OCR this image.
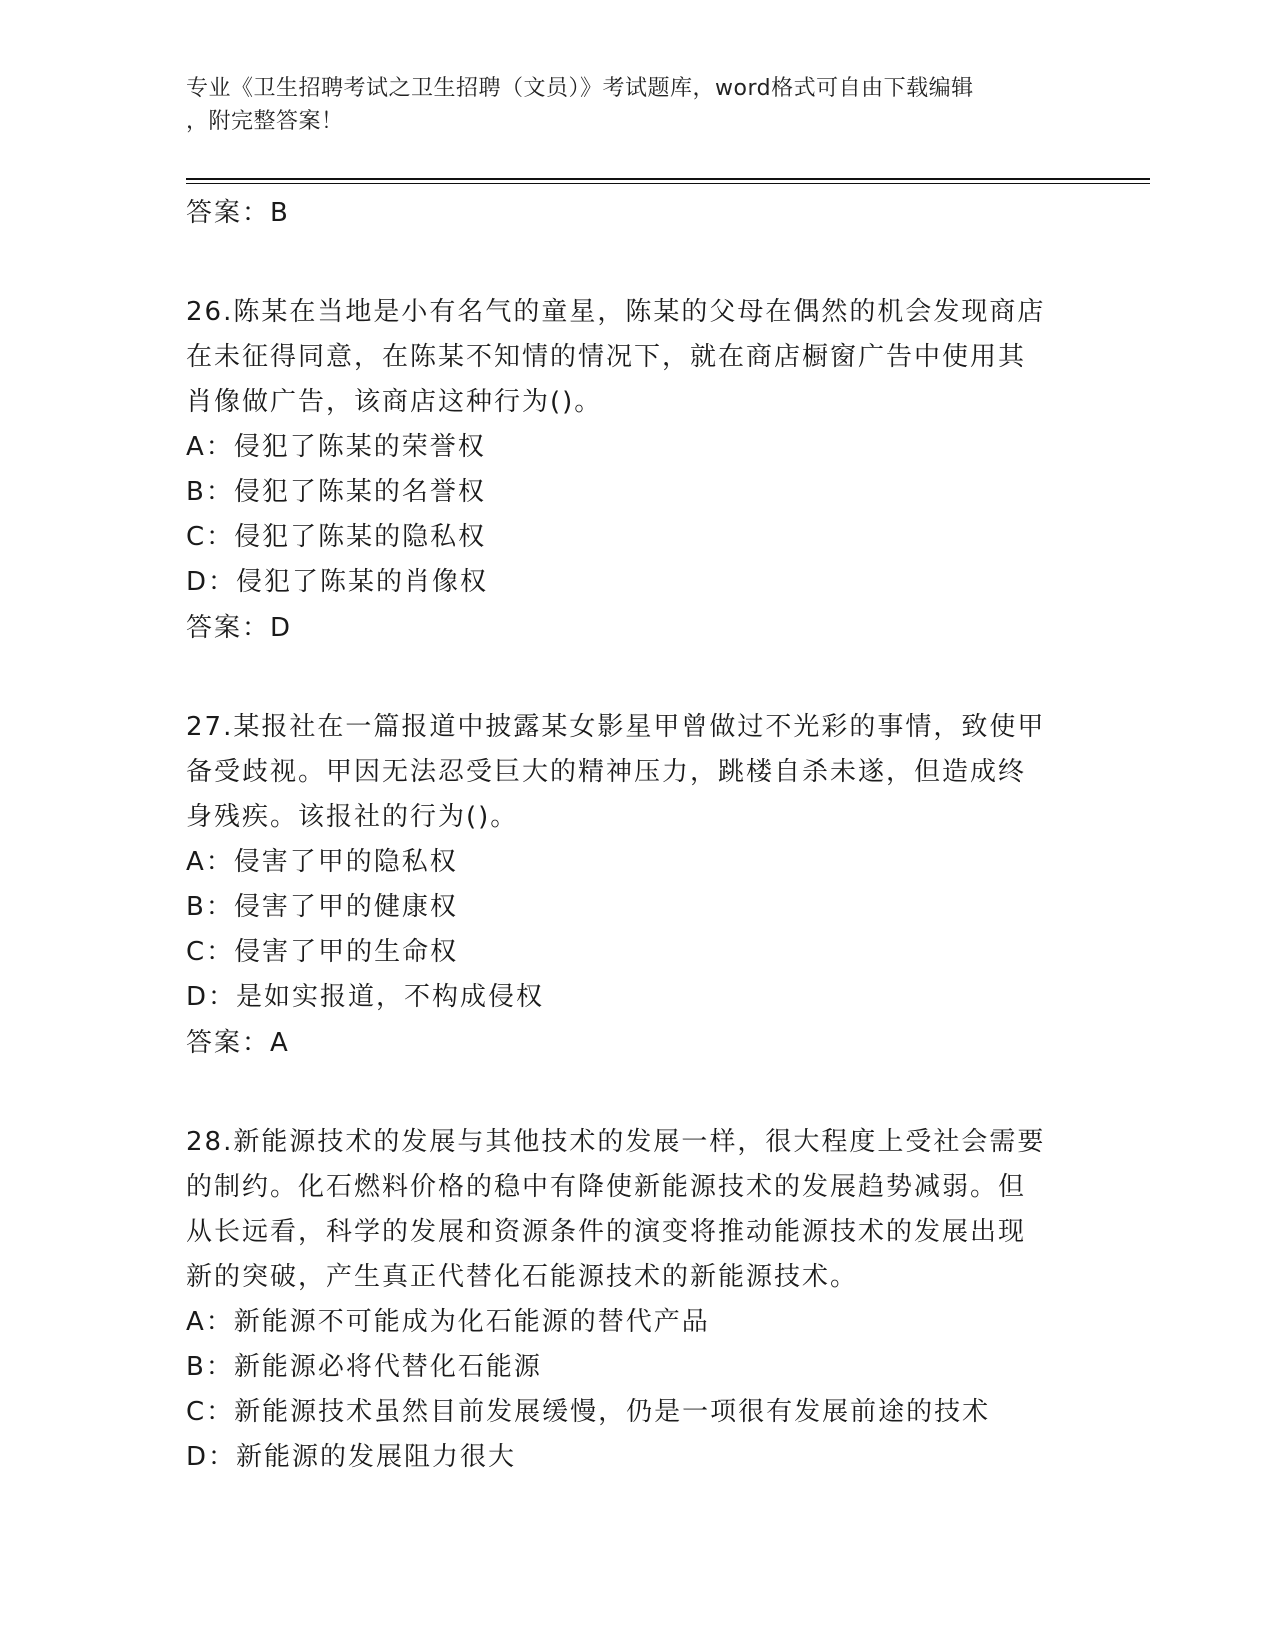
专业《卫生招聘考试之卫生招聘（文员）》考试题库，word格式可自由下载编辑
，附完整答案！
答案：B
26.陈某在当地是小有名气的童星，陈某的父母在偶然的机会发现商店
在未征得同意，在陈某不知情的情况下，就在商店橱窗广告中使用其
肖像做广告，该商店这种行为()。
A：侵犯了陈某的荣誉权
B：侵犯了陈某的名誉权
C：侵犯了陈某的隐私权
D：侵犯了陈某的肖像权
答案：D
27.某报社在一篇报道中披露某女影星甲曾做过不光彩的事情，致使甲
备受歧视。甲因无法忍受巨大的精神压力，跳楼自杀未遂，但造成终
身残疾。该报社的行为()。
A：侵害了甲的隐私权
B：侵害了甲的健康权
C：侵害了甲的生命权
D：是如实报道，不构成侵权
答案：A
28.新能源技术的发展与其他技术的发展一样，很大程度上受社会需要
的制约。化石燃料价格的稳中有降使新能源技术的发展趋势减弱。但
从长远看，科学的发展和资源条件的演变将推动能源技术的发展出现
新的突破，产生真正代替化石能源技术的新能源技术。
A：新能源不可能成为化石能源的替代产品
B：新能源必将代替化石能源
C：新能源技术虽然目前发展缓慢，仍是一项很有发展前途的技术
D：新能源的发展阻力很大
